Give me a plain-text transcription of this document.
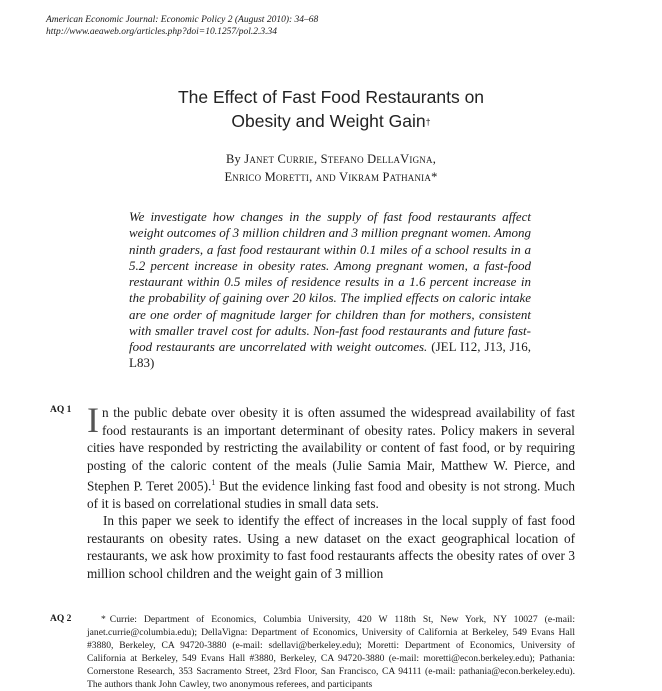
American Economic Journal: Economic Policy 2 (August 2010): 34–68
http://www.aeaweb.org/articles.php?doi=10.1257/pol.2.3.34
The Effect of Fast Food Restaurants on
Obesity and Weight Gain†
By Janet Currie, Stefano DellaVigna,
Enrico Moretti, and Vikram Pathania*
We investigate how changes in the supply of fast food restaurants affect weight outcomes of 3 million children and 3 million pregnant women. Among ninth graders, a fast food restaurant within 0.1 miles of a school results in a 5.2 percent increase in obesity rates. Among pregnant women, a fast-food restaurant within 0.5 miles of residence results in a 1.6 percent increase in the probability of gaining over 20 kilos. The implied effects on caloric intake are one order of magnitude larger for children than for mothers, consistent with smaller travel cost for adults. Non-fast food restaurants and future fast-food restaurants are uncorrelated with weight outcomes. (JEL I12, J13, J16, L83)
AQ 1 In the public debate over obesity it is often assumed the widespread availability of fast food restaurants is an important determinant of obesity rates. Policy makers in several cities have responded by restricting the availability or content of fast food, or by requiring posting of the caloric content of the meals (Julie Samia Mair, Matthew W. Pierce, and Stephen P. Teret 2005).$^1$ But the evidence linking fast food and obesity is not strong. Much of it is based on correlational studies in small data sets.
In this paper we seek to identify the effect of increases in the local supply of fast food restaurants on obesity rates. Using a new dataset on the exact geographical location of restaurants, we ask how proximity to fast food restaurants affects the obesity rates of over 3 million school children and the weight gain of 3 million
AQ 2	* Currie: Department of Economics, Columbia University, 420 W 118th St, New York, NY 10027 (e-mail: janet.currie@columbia.edu); DellaVigna: Department of Economics, University of California at Berkeley, 549 Evans Hall #3880, Berkeley, CA 94720-3880 (e-mail: sdellavi@berkeley.edu); Moretti: Department of Economics, University of California at Berkeley, 549 Evans Hall #3880, Berkeley, CA 94720-3880 (e-mail: moretti@econ.berkeley.edu); Pathania: Cornerstone Research, 353 Sacramento Street, 23rd Floor, San Francisco, CA 94111 (e-mail: pathania@econ.berkeley.edu). The authors thank John Cawley, two anonymous referees, and participants
